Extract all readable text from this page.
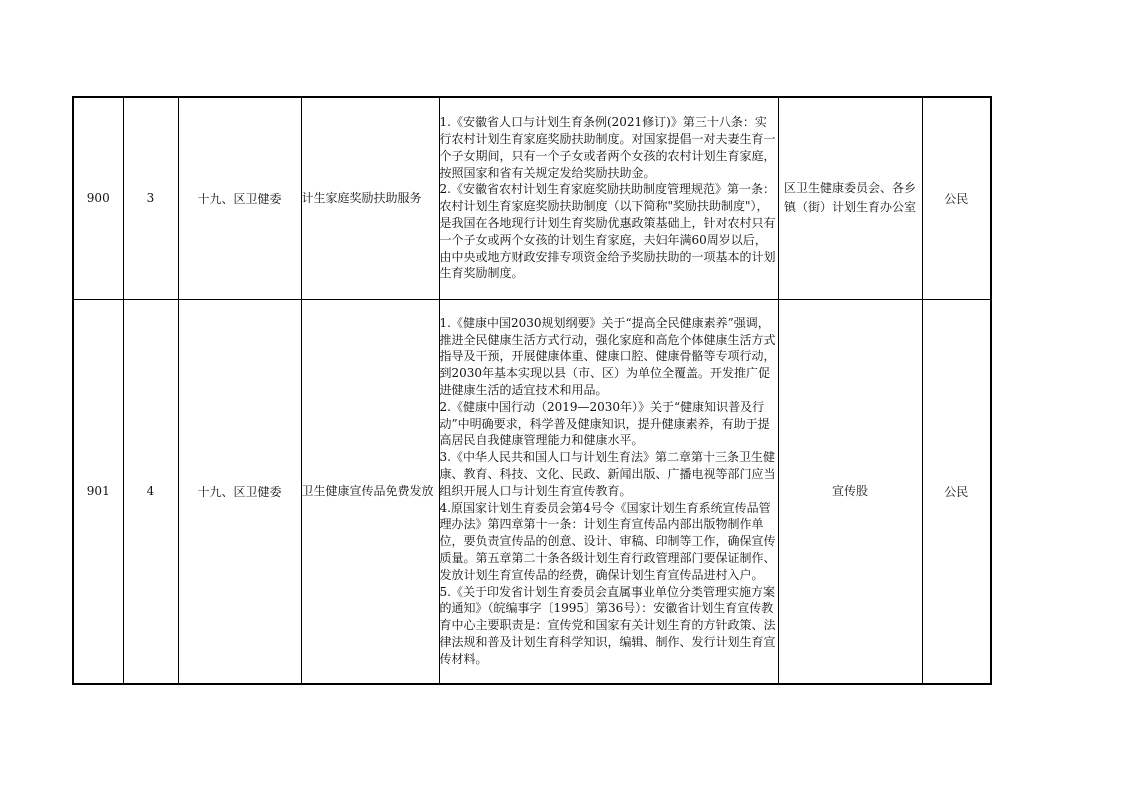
900	3	十九、区卫健委	计生家庭奖励扶助服务	1.《安徽省人口与计划生育条例(2021修订)》第三十八条：实行农村计划生育家庭奖励扶助制度。对国家提倡一对夫妻生育一个子女期间，只有一个子女或者两个女孩的农村计划生育家庭，按照国家和省有关规定发给奖励扶助金。
2.《安徽省农村计划生育家庭奖励扶助制度管理规范》第一条：农村计划生育家庭奖励扶助制度（以下简称"奖励扶助制度"），是我国在各地现行计划生育奖励优惠政策基础上，针对农村只有一个子女或两个女孩的计划生育家庭，夫妇年满60周岁以后，由中央或地方财政安排专项资金给予奖励扶助的一项基本的计划生育奖励制度。	区卫生健康委员会、各乡镇（街）计划生育办公室	公民
901	4	十九、区卫健委	卫生健康宣传品免费发放	1.《健康中国2030规划纲要》关于“提高全民健康素养”强调，推进全民健康生活方式行动，强化家庭和高危个体健康生活方式指导及干预，开展健康体重、健康口腔、健康骨骼等专项行动，到2030年基本实现以县（市、区）为单位全覆盖。开发推广促进健康生活的适宜技术和用品。
2.《健康中国行动（2019—2030年）》关于“健康知识普及行动”中明确要求，科学普及健康知识，提升健康素养，有助于提高居民自我健康管理能力和健康水平。
3.《中华人民共和国人口与计划生育法》第二章第十三条卫生健康、教育、科技、文化、民政、新闻出版、广播电视等部门应当组织开展人口与计划生育宣传教育。
4.原国家计划生育委员会第4号令《国家计划生育系统宣传品管理办法》第四章第十一条：计划生育宣传品内部出版物制作单位，要负责宣传品的创意、设计、审稿、印制等工作，确保宣传质量。第五章第二十条各级计划生育行政管理部门要保证制作、发放计划生育宣传品的经费，确保计划生育宣传品进村入户。
5.《关于印发省计划生育委员会直属事业单位分类管理实施方案的通知》（皖编事字〔1995〕第36号）：安徽省计划生育宣传教育中心主要职责是：宣传党和国家有关计划生育的方针政策、法律法规和普及计划生育科学知识，编辑、制作、发行计划生育宣传材料。	宣传股	公民
